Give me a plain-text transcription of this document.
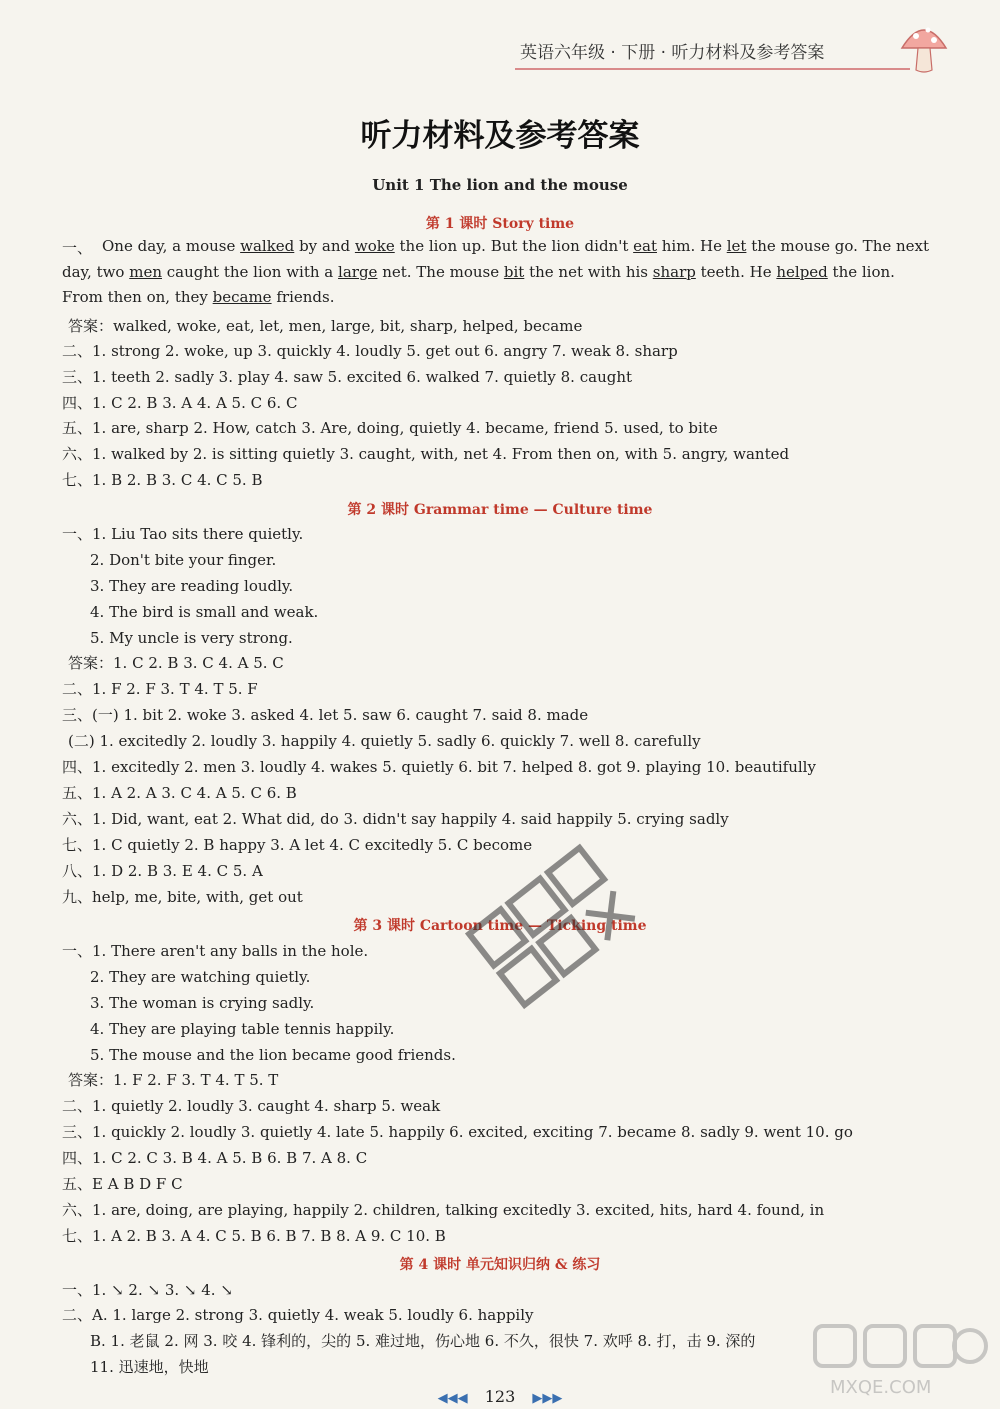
英语六年级 · 下册 · 听力材料及参考答案
听力材料及参考答案
Unit 1 The lion and the mouse
第 1 课时 Story time
一、 One day, a mouse walked by and woke the lion up. But the lion didn't eat him. He let the mouse go. The next day, two men caught the lion with a large net. The mouse bit the net with his sharp teeth. He helped the lion. From then on, they became friends.
第 2 课时 Grammar time — Culture time
第 3 课时 Cartoon time — Ticking time
第 4 课时 单元知识归纳 & 练习
答案：walked, woke, eat, let, men, large, bit, sharp, helped, became
二、1. strong 2. woke, up 3. quickly 4. loudly 5. get out 6. angry 7. weak 8. sharp
三、1. teeth 2. sadly 3. play 4. saw 5. excited 6. walked 7. quietly 8. caught
四、1. C 2. B 3. A 4. A 5. C 6. C
五、1. are, sharp 2. How, catch 3. Are, doing, quietly 4. became, friend 5. used, to bite
六、1. walked by 2. is sitting quietly 3. caught, with, net 4. From then on, with 5. angry, wanted
七、1. B 2. B 3. C 4. C 5. B
一、1. Liu Tao sits there quietly.
2. Don't bite your finger.
3. They are reading loudly.
4. The bird is small and weak.
5. My uncle is very strong.
答案：1. C 2. B 3. C 4. A 5. C
二、1. F 2. F 3. T 4. T 5. F
三、(一) 1. bit 2. woke 3. asked 4. let 5. saw 6. caught 7. said 8. made
(二) 1. excitedly 2. loudly 3. happily 4. quietly 5. sadly 6. quickly 7. well 8. carefully
四、1. excitedly 2. men 3. loudly 4. wakes 5. quietly 6. bit 7. helped 8. got 9. playing 10. beautifully
五、1. A 2. A 3. C 4. A 5. C 6. B
六、1. Did, want, eat 2. What did, do 3. didn't say happily 4. said happily 5. crying sadly
七、1. C quietly 2. B happy 3. A let 4. C excitedly 5. C become
八、1. D 2. B 3. E 4. C 5. A
九、help, me, bite, with, get out
一、1. There aren't any balls in the hole.
2. They are watching quietly.
3. The woman is crying sadly.
4. They are playing table tennis happily.
5. The mouse and the lion became good friends.
答案：1. F 2. F 3. T 4. T 5. T
二、1. quietly 2. loudly 3. caught 4. sharp 5. weak
三、1. quickly 2. loudly 3. quietly 4. late 5. happily 6. excited, exciting 7. became 8. sadly 9. went 10. go
四、1. C 2. C 3. B 4. A 5. B 6. B 7. A 8. C
五、E A B D F C
六、1. are, doing, are playing, happily 2. children, talking excitedly 3. excited, hits, hard 4. found, in
七、1. A 2. B 3. A 4. C 5. B 6. B 7. B 8. A 9. C 10. B
一、1. ↘ 2. ↘ 3. ↘ 4. ↘
二、A. 1. large 2. strong 3. quietly 4. weak 5. loudly 6. happily
B. 1. 老鼠 2. 网 3. 咬 4. 锋利的，尖的 5. 难过地，伤心地 6. 不久，很快 7. 欢呼 8. 打，击 9. 深的
11. 迅速地，快地
MXQE.COM
◀◀◀ 123 ▶▶▶
